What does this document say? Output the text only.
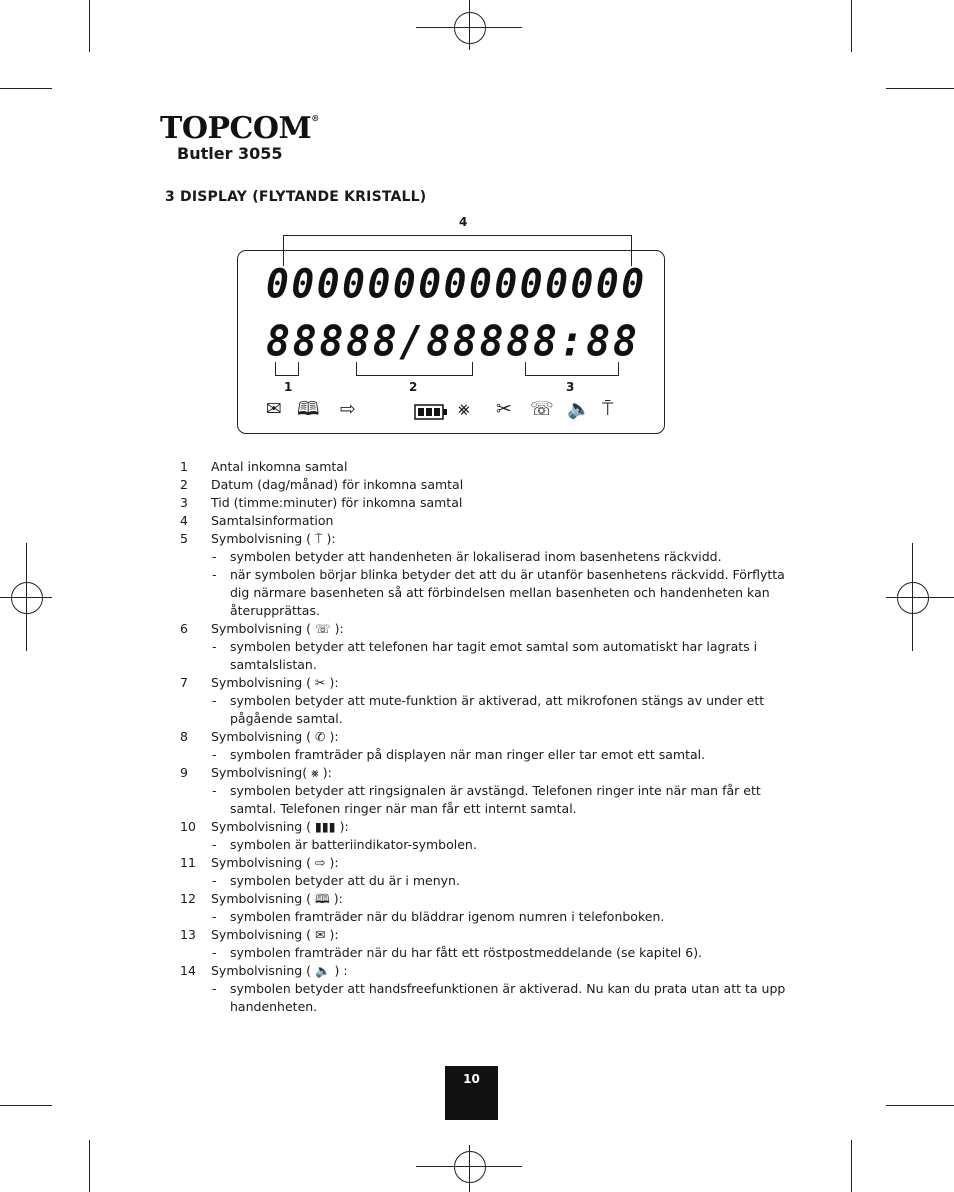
TOPCOM®
Butler 3055
3 DISPLAY (FLYTANDE KRISTALL)
4
000000000000000
88888/88888:88
1	2	3
✉ 🕮 ⇨	⨳ ✂ ☏ 🔈 ⍑
1	Antal inkomna samtal
2	Datum (dag/månad) för inkomna samtal
3	Tid (timme:minuter) för inkomna samtal
4	Samtalsinformation
5	Symbolvisning ( ⍑ ):
- symbolen betyder att handenheten är lokaliserad inom basenhetens räckvidd.
- när symbolen börjar blinka betyder det att du är utanför basenhetens räckvidd. Förflytta dig närmare basenheten så att förbindelsen mellan basenheten och handenheten kan återupprättas.
6	Symbolvisning ( ☏ ):
- symbolen betyder att telefonen har tagit emot samtal som automatiskt har lagrats i samtalslistan.
7	Symbolvisning ( ✂ ):
- symbolen betyder att mute-funktion är aktiverad, att mikrofonen stängs av under ett pågående samtal.
8	Symbolvisning ( ✆ ):
- symbolen framträder på displayen när man ringer eller tar emot ett samtal.
9	Symbolvisning( ⨳ ):
- symbolen betyder att ringsignalen är avstängd. Telefonen ringer inte när man får ett samtal. Telefonen ringer när man får ett internt samtal.
10	Symbolvisning ( ▮▮▮ ):
- symbolen är batteriindikator-symbolen.
11	Symbolvisning ( ⇨ ):
- symbolen betyder att du är i menyn.
12	Symbolvisning ( 🕮 ):
- symbolen framträder när du bläddrar igenom numren i telefonboken.
13	Symbolvisning ( ✉ ):
- symbolen framträder när du har fått ett röstpostmeddelande (se kapitel 6).
14	Symbolvisning ( 🔈 ) :
- symbolen betyder att handsfreefunktionen är aktiverad. Nu kan du prata utan att ta upp handenheten.
10
